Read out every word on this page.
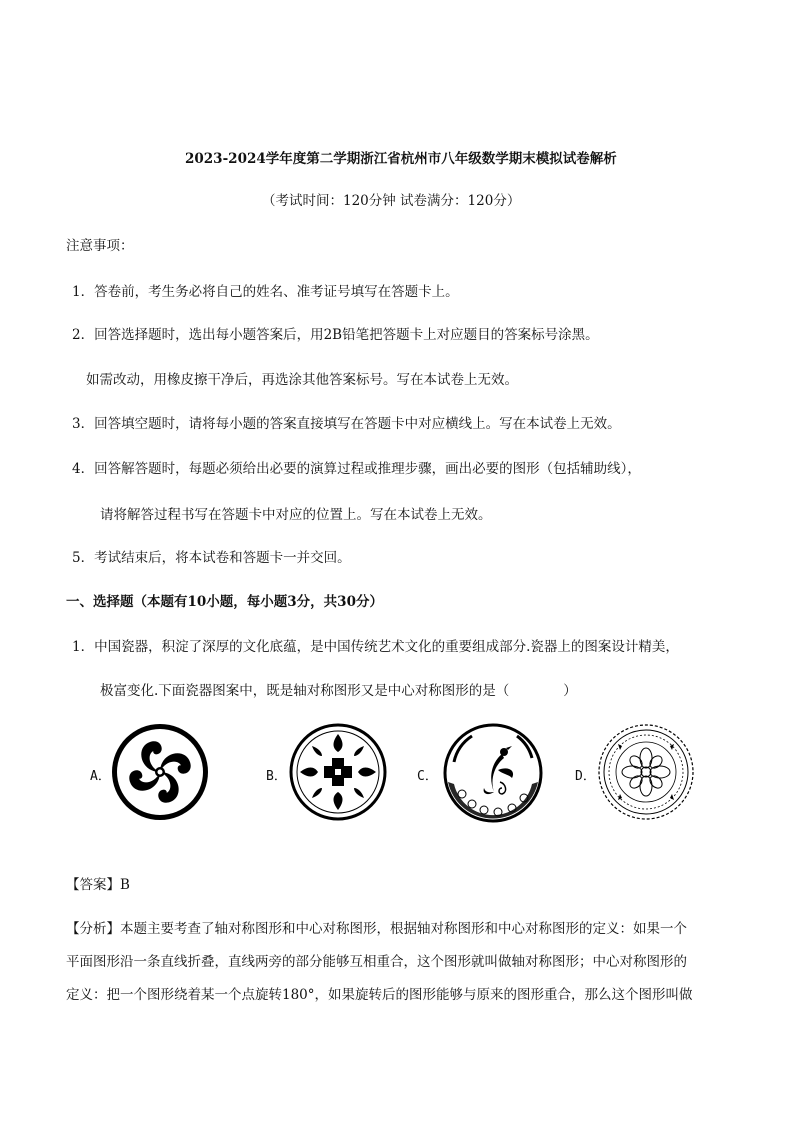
2023-2024学年度第二学期浙江省杭州市八年级数学期末模拟试卷解析
（考试时间：120分钟 试卷满分：120分）
注意事项：
1．答卷前，考生务必将自己的姓名、准考证号填写在答题卡上。
2．回答选择题时，选出每小题答案后，用2B铅笔把答题卡上对应题目的答案标号涂黑。
如需改动，用橡皮擦干净后，再选涂其他答案标号。写在本试卷上无效。
3．回答填空题时，请将每小题的答案直接填写在答题卡中对应横线上。写在本试卷上无效。
4．回答解答题时，每题必须给出必要的演算过程或推理步骤，画出必要的图形（包括辅助线），
请将解答过程书写在答题卡中对应的位置上。写在本试卷上无效。
5．考试结束后，将本试卷和答题卡一并交回。
一、选择题（本题有10小题，每小题3分，共30分）
1．中国瓷器，积淀了深厚的文化底蕴，是中国传统艺术文化的重要组成部分.瓷器上的图案设计精美，
极富变化.下面瓷器图案中，既是轴对称图形又是中心对称图形的是（　　　　）
A．	B．	C．	D．
【答案】B
【分析】本题主要考查了轴对称图形和中心对称图形，根据轴对称图形和中心对称图形的定义：如果一个
平面图形沿一条直线折叠，直线两旁的部分能够互相重合，这个图形就叫做轴对称图形；中心对称图形的
定义：把一个图形绕着某一个点旋转180°，如果旋转后的图形能够与原来的图形重合，那么这个图形叫做
